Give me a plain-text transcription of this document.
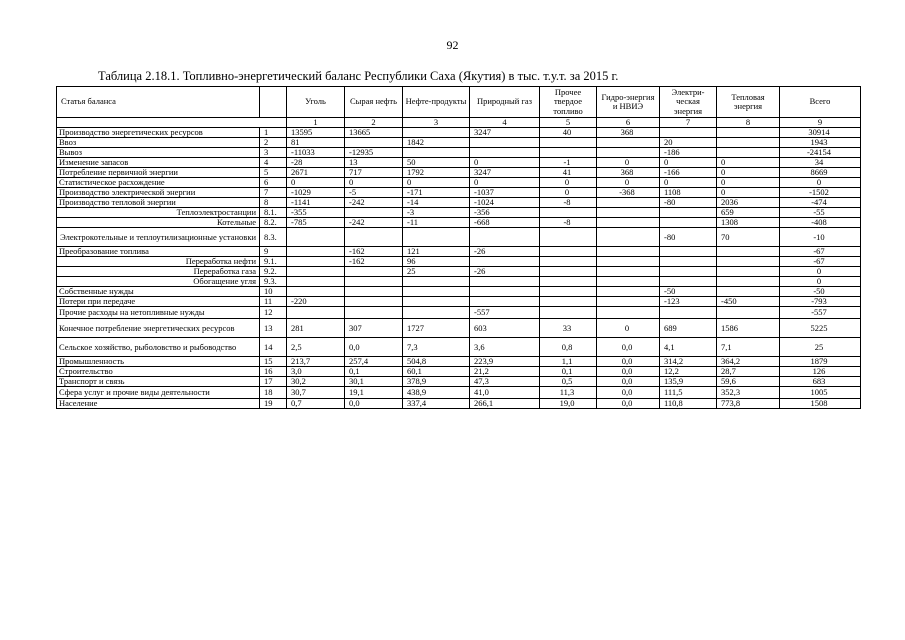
92
Таблица 2.18.1. Топливно-энергетический баланс Республики Саха (Якутия) в тыс. т.у.т. за 2015 г.
Статья баланса		Уголь	Сырая нефть	Нефте-продукты	Природный газ	Прочее твердое топливо	Гидро-энергия и НВИЭ	Электри-ческая энергия	Тепловая энергия	Всего	
		1	2	3	4	5	6	7	8	9	
Производство энергетических ресурсов	1	13595	13665		3247	40	368			30914	
Ввоз	2	81		1842				20		1943	
Вывоз	3	-11033	-12935					-186		-24154	
Изменение запасов	4	-28	13	50	0	-1	0	0	0	34	
Потребление первичной энергии	5	2671	717	1792	3247	41	368	-166	0	8669	
Статистическое расхождение	6	0	0	0	0	0	0	0	0	0	
Производство электрической энергии	7	-1029	-5	-171	-1037	0	-368	1108	0	-1502	
Производство тепловой энергии	8	-1141	-242	-14	-1024	-8		-80	2036	-474	
Теплоэлектростанции	8.1.	-355		-3	-356				659	-55	
Котельные	8.2.	-785	-242	-11	-668	-8			1308	-408	
Электрокотельные и теплоутилизационные установки	8.3.							-80	70	-10	
Преобразование топлива	9		-162	121	-26					-67	
Переработка нефти	9.1.		-162	96						-67	
Переработка газа	9.2.			25	-26					0	
Обогащение угля	9.3.									0	
Собственные нужды	10							-50		-50	
Потери при передаче	11	-220						-123	-450	-793	
Прочие расходы на нетопливные нужды	12				-557					-557	
Конечное потребление энергетических ресурсов	13	281	307	1727	603	33	0	689	1586	5225	
Сельское хозяйство, рыболовство и рыбоводство	14	2,5	0,0	7,3	3,6	0,8	0,0	4,1	7,1	25	
Промышленность	15	213,7	257,4	504,8	223,9	1,1	0,0	314,2	364,2	1879	
Строительство	16	3,0	0,1	60,1	21,2	0,1	0,0	12,2	28,7	126	
Транспорт и связь	17	30,2	30,1	378,9	47,3	0,5	0,0	135,9	59,6	683	
Сфера услуг и прочие виды деятельности	18	30,7	19,1	438,9	41,0	11,3	0,0	111,5	352,3	1005	
Население	19	0,7	0,0	337,4	266,1	19,0	0,0	110,8	773,8	1508	
